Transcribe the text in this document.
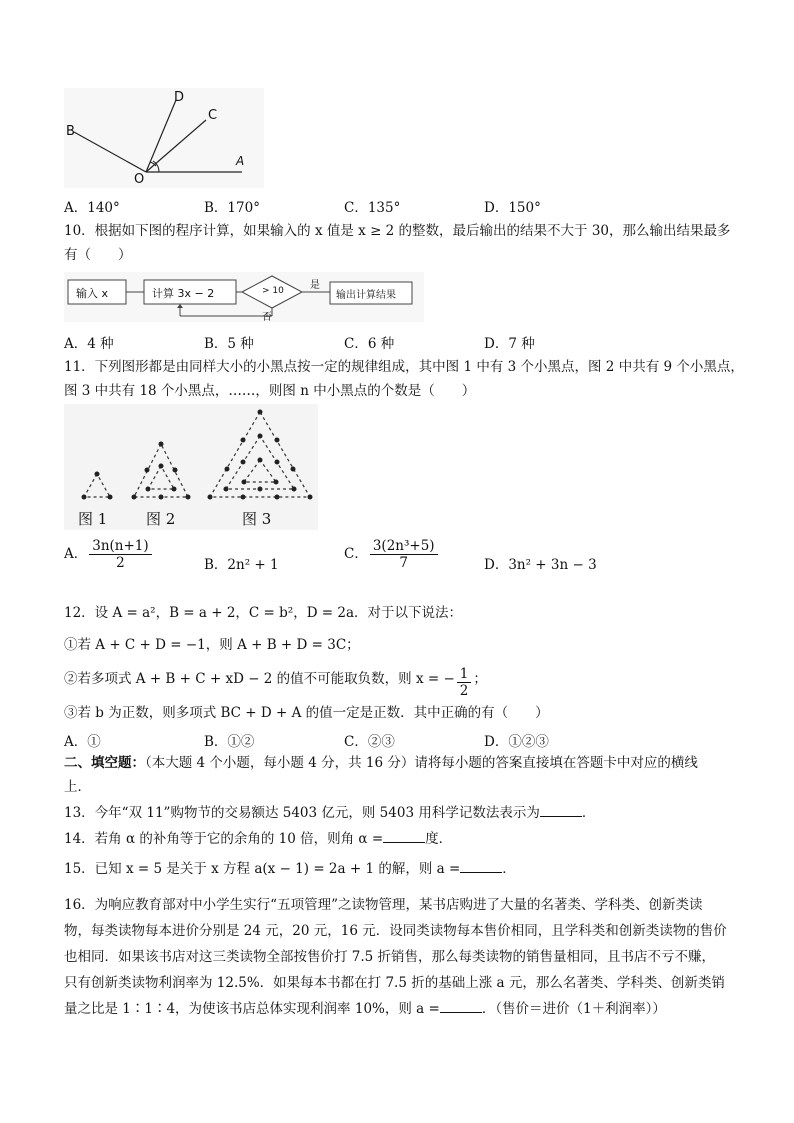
D
C
B
A
O
A．140°	B．170°	C．135°	D．150°
10．根据如下图的程序计算，如果输入的 x 值是 x ≥ 2 的整数，最后输出的结果不大于 30，那么输出结果最多
有（　　）
输入 x	计算 3x − 2	> 10	是
否
输出计算结果
A．4 种	B．5 种	C．6 种	D．7 种
11．下列图形都是由同样大小的小黑点按一定的规律组成，其中图 1 中有 3 个小黑点，图 2 中共有 9 个小黑点，
图 3 中共有 18 个小黑点，……，则图 n 中小黑点的个数是（　　）
图 1	图 2	图 3
A． $\frac{3n(n+1)}{2}$	B．2n² + 1
C． $\frac{\text{3(2n³+5)}}{7}$	D．3n² + 3n − 3
12．设 A = a²，B = a + 2，C = b²，D = 2a．对于以下说法：
①若 A + C + D = −1，则 A + B + D = 3C；
②若多项式 A + B + C + xD − 2 的值不可能取负数，则 x = − $\frac{1}{2}$ ；
③若 b 为正数，则多项式 BC + D + A 的值一定是正数．其中正确的有（　　）
A．①	B．①②	C．②③	D．①②③
二、填空题：（本大题 4 个小题，每小题 4 分，共 16 分）请将每小题的答案直接填在答题卡中对应的横线
上．
13．今年“双 11”购物节的交易额达 5403 亿元，则 5403 用科学记数法表示为	．
14．若角 α 的补角等于它的余角的 10 倍，则角 α =	度．
15．已知 x = 5 是关于 x 方程 a(x − 1) = 2a + 1 的解，则 a =	．
16．为响应教育部对中小学生实行“五项管理”之读物管理，某书店购进了大量的名著类、学科类、创新类读
物，每类读物每本进价分别是 24 元，20 元，16 元．设同类读物每本售价相同，且学科类和创新类读物的售价
也相同．如果该书店对这三类读物全部按售价打 7.5 折销售，那么每类读物的销售量相同，且书店不亏不赚，
只有创新类读物利润率为 12.5%．如果每本书都在打 7.5 折的基础上涨 a 元，那么名著类、学科类、创新类销
量之比是 1∶1∶4，为使该书店总体实现利润率 10%，则 a =	．（售价＝进价（1＋利润率））
